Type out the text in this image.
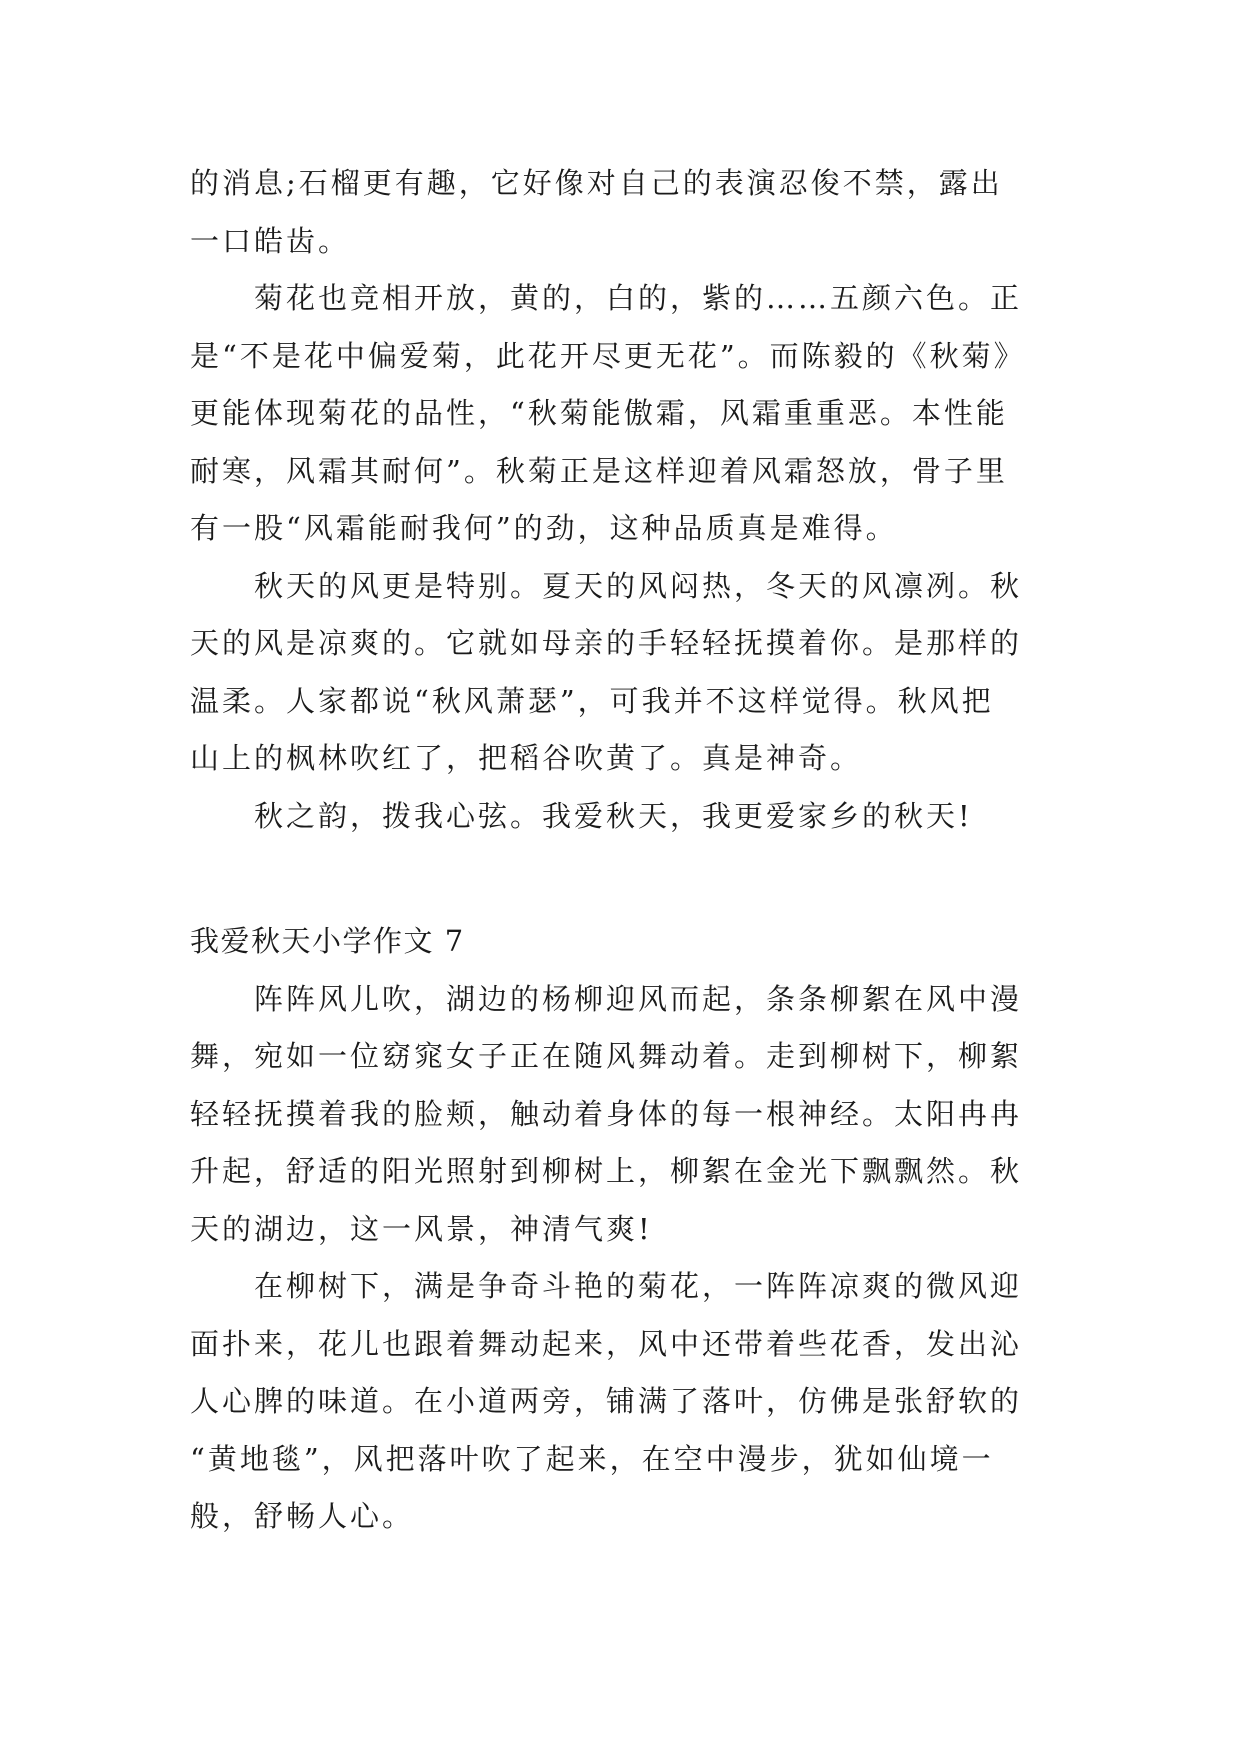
的消息;石榴更有趣，它好像对自己的表演忍俊不禁，露出
一口皓齿。
菊花也竞相开放，黄的，白的，紫的……五颜六色。正
是“不是花中偏爱菊，此花开尽更无花”。而陈毅的《秋菊》
更能体现菊花的品性，“秋菊能傲霜，风霜重重恶。本性能
耐寒，风霜其耐何”。秋菊正是这样迎着风霜怒放，骨子里
有一股“风霜能耐我何”的劲，这种品质真是难得。
秋天的风更是特别。夏天的风闷热，冬天的风凛冽。秋
天的风是凉爽的。它就如母亲的手轻轻抚摸着你。是那样的
温柔。人家都说“秋风萧瑟”，可我并不这样觉得。秋风把
山上的枫林吹红了，把稻谷吹黄了。真是神奇。
秋之韵，拨我心弦。我爱秋天，我更爱家乡的秋天!
我爱秋天小学作文 7
阵阵风儿吹，湖边的杨柳迎风而起，条条柳絮在风中漫
舞，宛如一位窈窕女子正在随风舞动着。走到柳树下，柳絮
轻轻抚摸着我的脸颊，触动着身体的每一根神经。太阳冉冉
升起，舒适的阳光照射到柳树上，柳絮在金光下飘飘然。秋
天的湖边，这一风景，神清气爽!
在柳树下，满是争奇斗艳的菊花，一阵阵凉爽的微风迎
面扑来，花儿也跟着舞动起来，风中还带着些花香，发出沁
人心脾的味道。在小道两旁，铺满了落叶，仿佛是张舒软的
“黄地毯”，风把落叶吹了起来，在空中漫步，犹如仙境一
般，舒畅人心。
